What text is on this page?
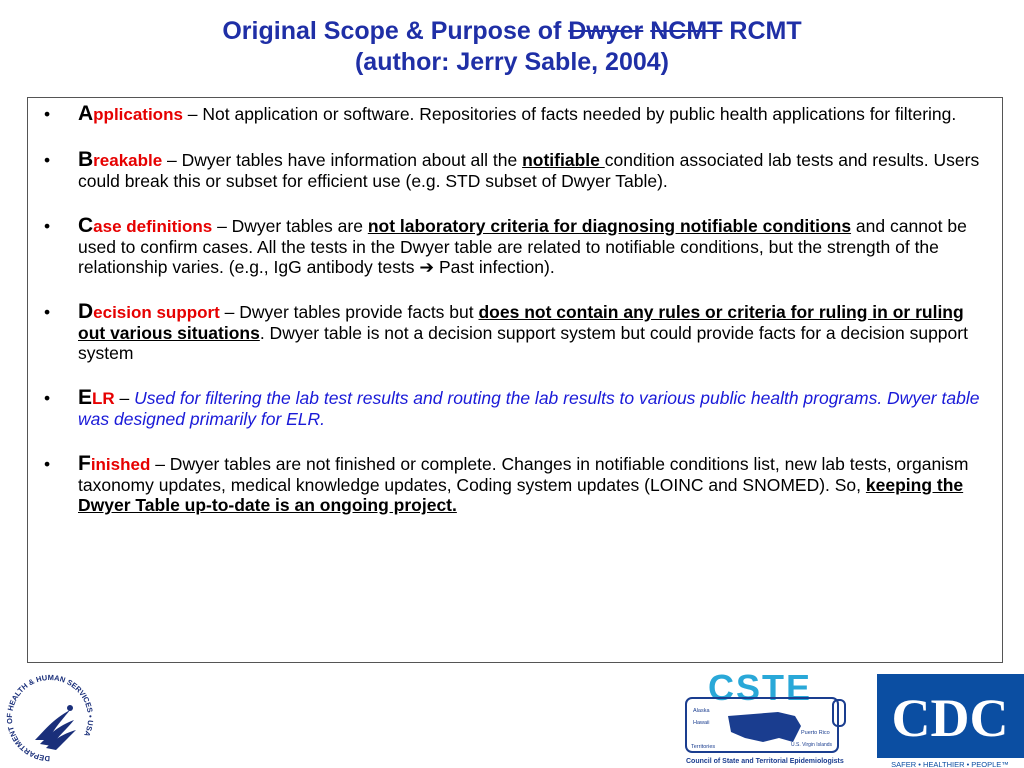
Original Scope & Purpose of Dwyer NCMT RCMT
(author: Jerry Sable, 2004)
• Applications – Not application or software. Repositories of facts needed by public health applications for filtering.
• Breakable – Dwyer tables have information about all the notifiable condition associated lab tests and results. Users could break this or subset for efficient use (e.g. STD subset of Dwyer Table).
• Case definitions – Dwyer tables are not laboratory criteria for diagnosing notifiable conditions and cannot be used to confirm cases. All the tests in the Dwyer table are related to notifiable conditions, but the strength of the relationship varies. (e.g., IgG antibody tests ➔ Past infection).
• Decision support – Dwyer tables provide facts but does not contain any rules or criteria for ruling in or ruling out various situations. Dwyer table is not a decision support system but could provide facts for a decision support system
• ELR – Used for filtering the lab test results and routing the lab results to various public health programs. Dwyer table was designed primarily for ELR.
• Finished – Dwyer tables are not finished or complete. Changes in notifiable conditions list, new lab tests, organism taxonomy updates, medical knowledge updates, Coding system updates (LOINC and SNOMED). So, keeping the Dwyer Table up-to-date is an ongoing project.
DEPARTMENT OF HEALTH & HUMAN SERVICES • USA
CSTE
Alaska
Hawaii
Territories
Puerto Rico
U.S. Virgin Islands
Council of State and Territorial Epidemiologists
CDC
SAFER • HEALTHIER • PEOPLE™
